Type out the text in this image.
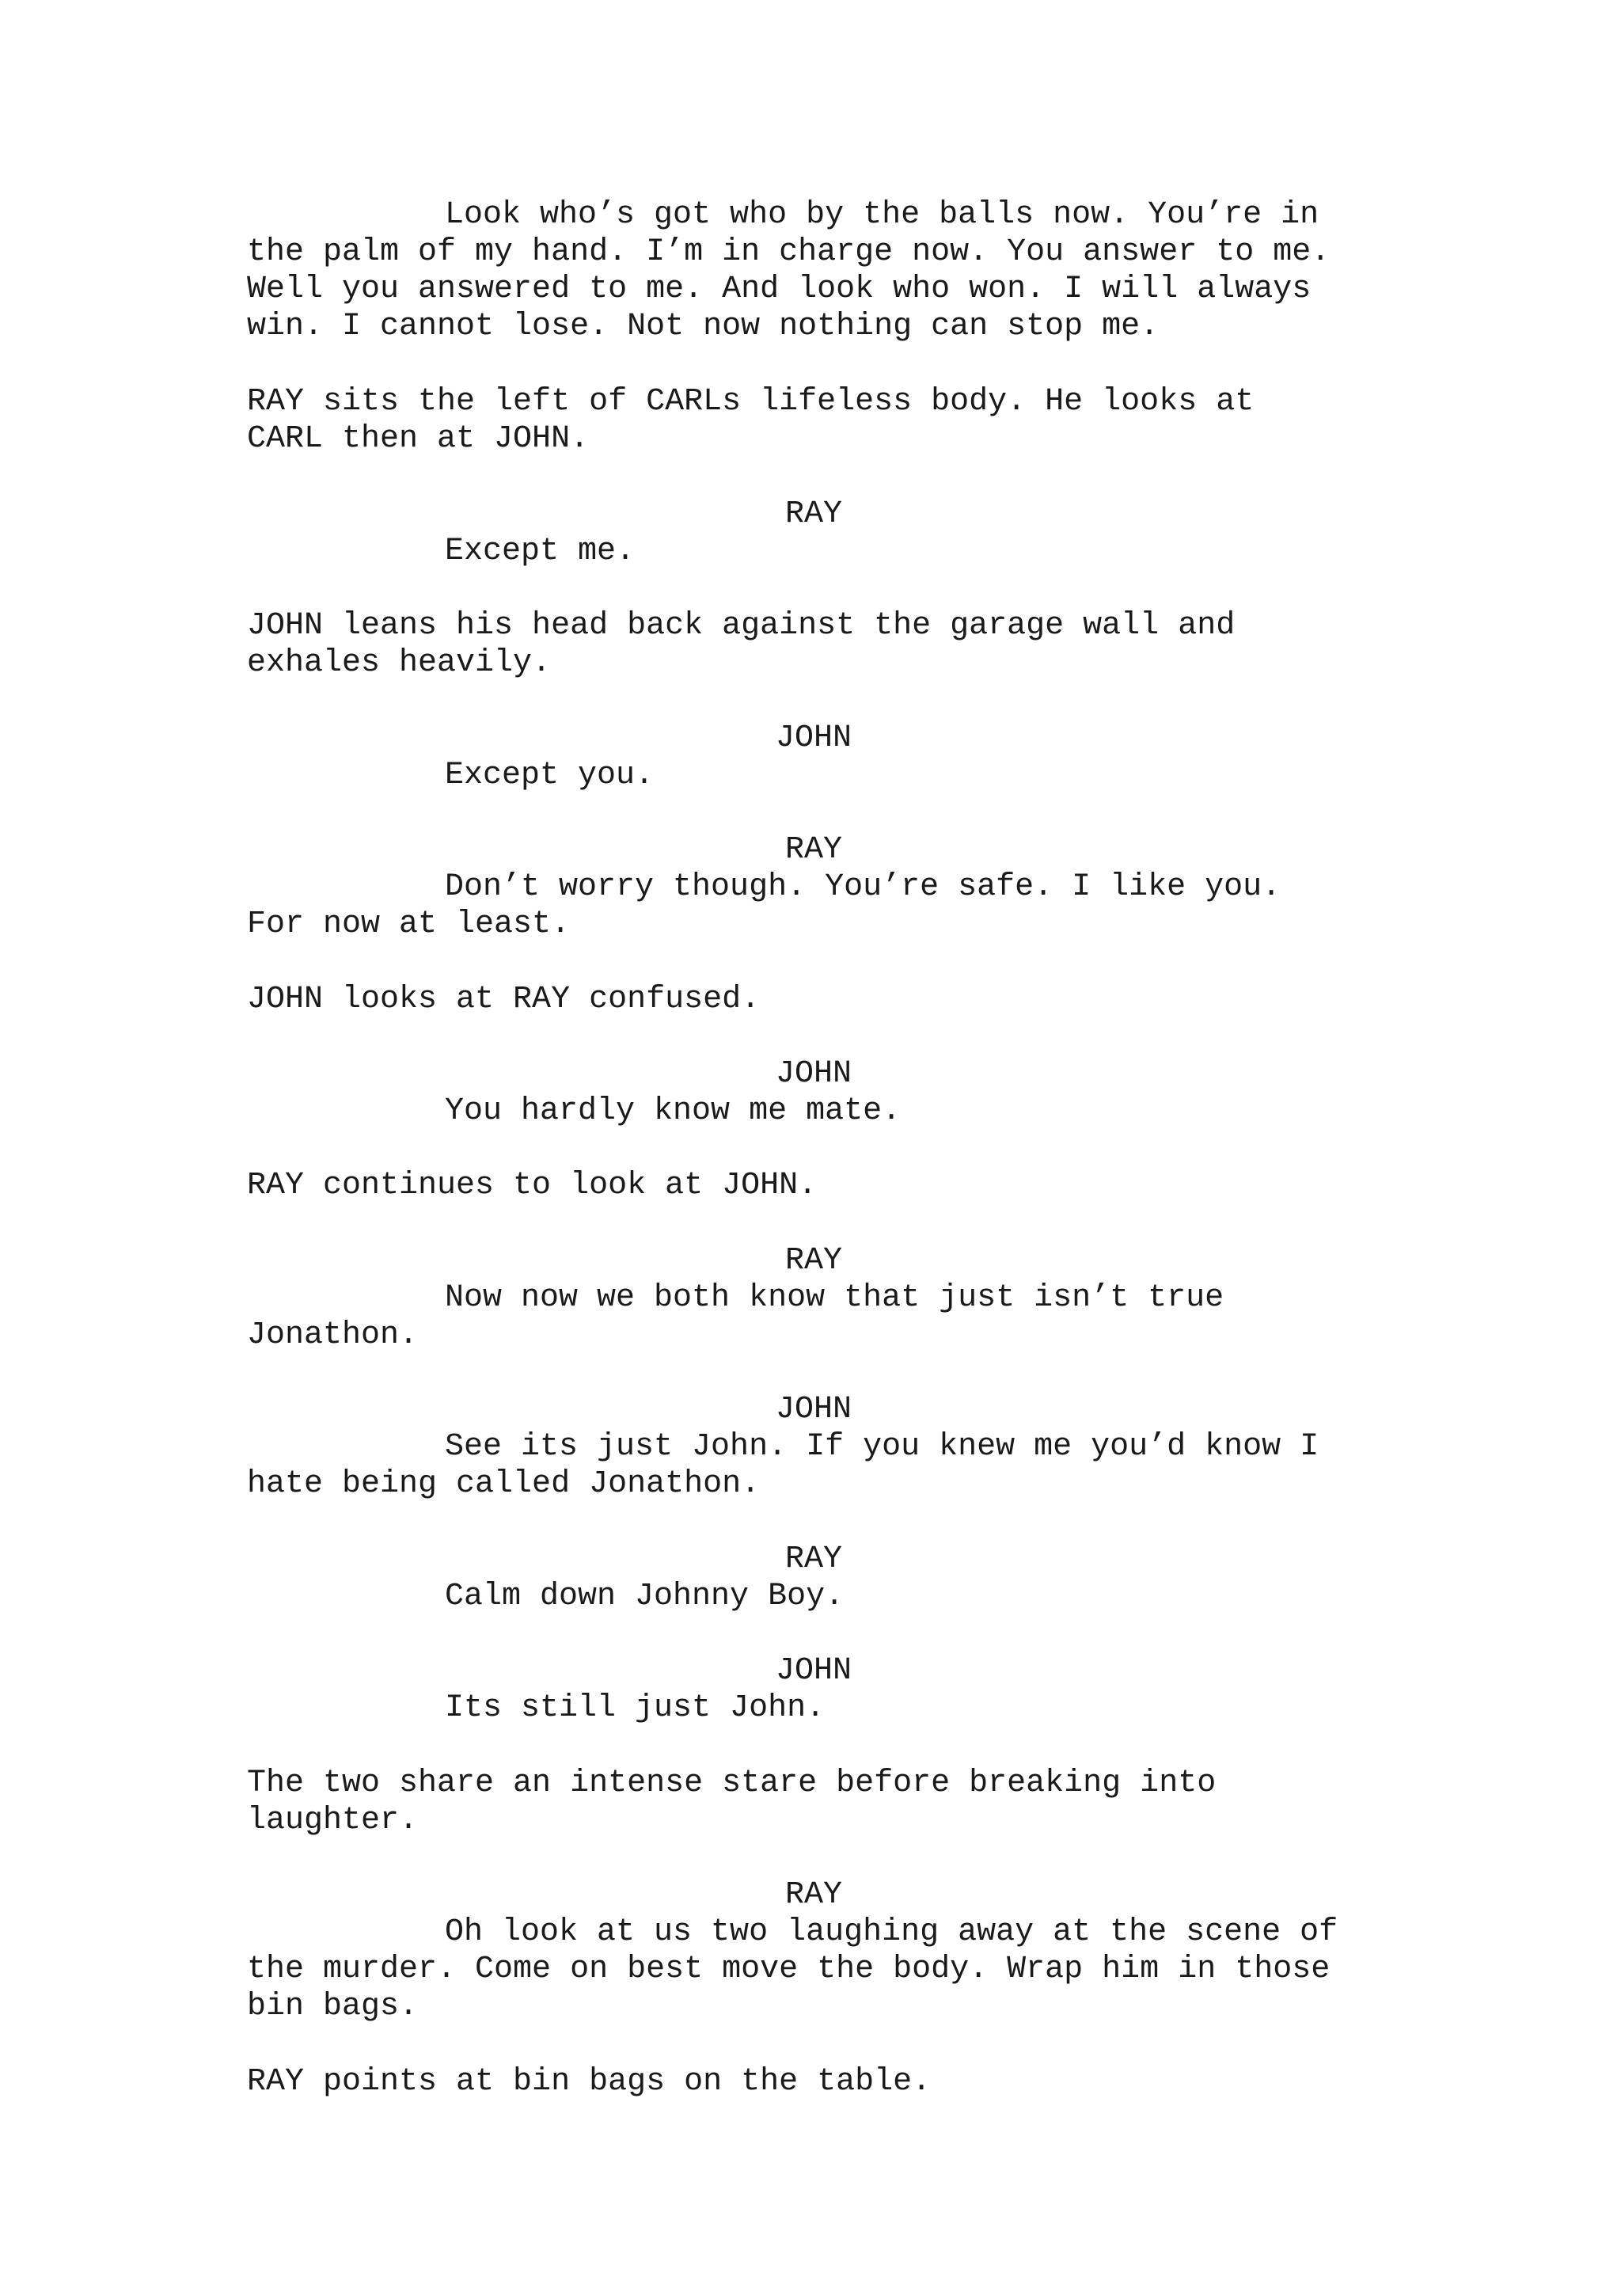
Look who’s got who by the balls now. You’re in

the palm of my hand. I’m in charge now. You answer to me.

Well you answered to me. And look who won. I will always

win. I cannot lose. Not now nothing can stop me.

RAY sits the left of CARLs lifeless body. He looks at

CARL then at JOHN.

RAY

Except me.

JOHN leans his head back against the garage wall and

exhales heavily.

JOHN

Except you.

RAY

Don’t worry though. You’re safe. I like you.

For now at least.

JOHN looks at RAY confused.

JOHN

You hardly know me mate.

RAY continues to look at JOHN.

RAY

Now now we both know that just isn’t true

Jonathon.

JOHN

See its just John. If you knew me you’d know I

hate being called Jonathon.

RAY

Calm down Johnny Boy.

JOHN

Its still just John.

The two share an intense stare before breaking into

laughter.

RAY

Oh look at us two laughing away at the scene of

the murder. Come on best move the body. Wrap him in those

bin bags.

RAY points at bin bags on the table.
